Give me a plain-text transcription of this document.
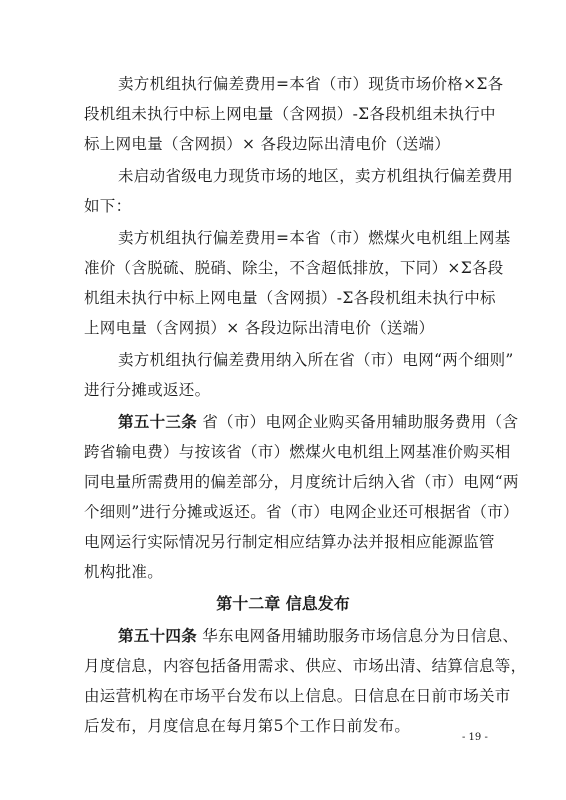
卖方机组执行偏差费用=本省（市）现货市场价格×Σ各
段机组未执行中标上网电量（含网损）-Σ各段机组未执行中
标上网电量（含网损）× 各段边际出清电价（送端）
未启动省级电力现货市场的地区，卖方机组执行偏差费用
如下：
卖方机组执行偏差费用=本省（市）燃煤火电机组上网基
准价（含脱硫、脱硝、除尘，不含超低排放，下同）×Σ各段
机组未执行中标上网电量（含网损）-Σ各段机组未执行中标
上网电量（含网损）× 各段边际出清电价（送端）
卖方机组执行偏差费用纳入所在省（市）电网“两个细则”
进行分摊或返还。
第五十三条 省（市）电网企业购买备用辅助服务费用（含
跨省输电费）与按该省（市）燃煤火电机组上网基准价购买相
同电量所需费用的偏差部分，月度统计后纳入省（市）电网“两
个细则”进行分摊或返还。省（市）电网企业还可根据省（市）
电网运行实际情况另行制定相应结算办法并报相应能源监管
机构批准。
第十二章 信息发布
第五十四条 华东电网备用辅助服务市场信息分为日信息、
月度信息，内容包括备用需求、供应、市场出清、结算信息等，
由运营机构在市场平台发布以上信息。日信息在日前市场关市
后发布，月度信息在每月第5个工作日前发布。
- 19 -
